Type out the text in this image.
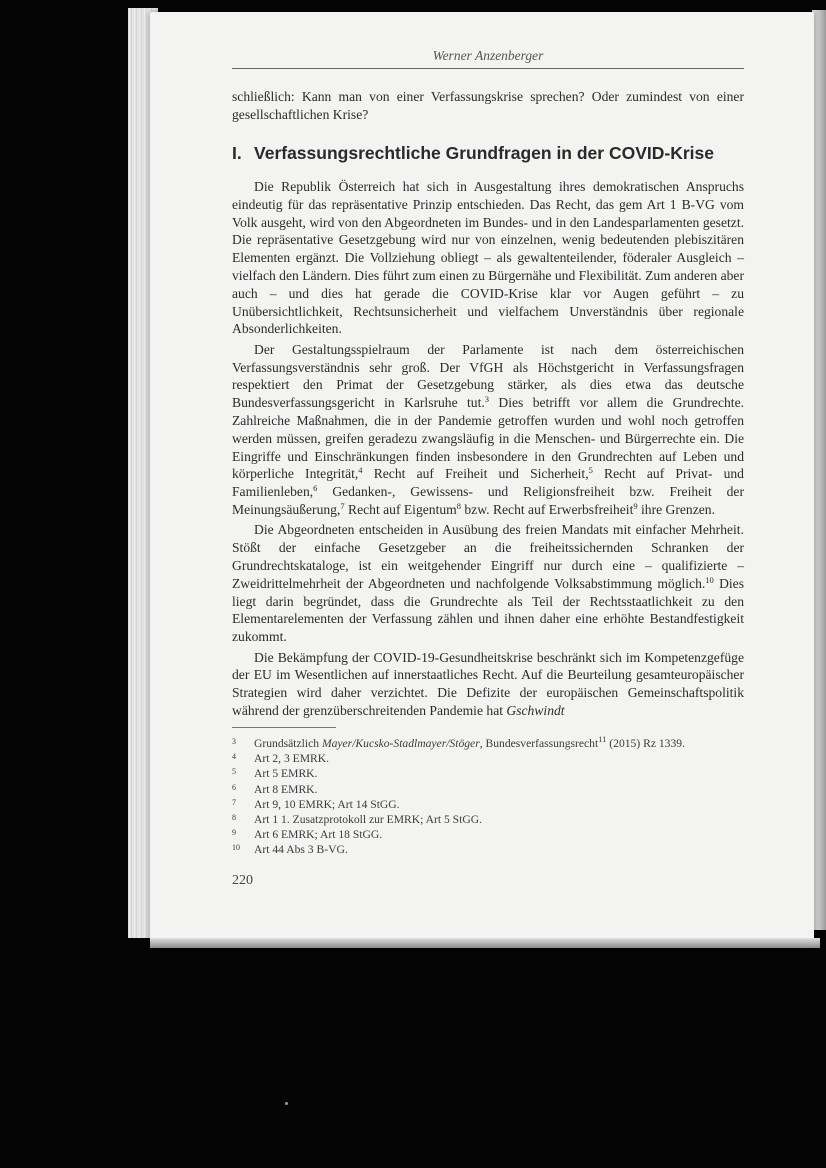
Werner Anzenberger

schließlich: Kann man von einer Verfassungskrise sprechen? Oder zumindest von einer gesellschaftlichen Krise?

I. Verfassungsrechtliche Grundfragen in der COVID-Krise

Die Republik Österreich hat sich in Ausgestaltung ihres demokratischen Anspruchs eindeutig für das repräsentative Prinzip entschieden. Das Recht, das gem Art 1 B-VG vom Volk ausgeht, wird von den Abgeordneten im Bundes- und in den Landesparlamenten gesetzt. Die repräsentative Gesetzgebung wird nur von einzelnen, wenig bedeutenden plebiszitären Elementen ergänzt. Die Vollziehung obliegt – als gewaltenteilender, föderaler Ausgleich – vielfach den Ländern. Dies führt zum einen zu Bürgernähe und Flexibilität. Zum anderen aber auch – und dies hat gerade die COVID-Krise klar vor Augen geführt – zu Unübersichtlichkeit, Rechtsunsicherheit und vielfachem Unverständnis über regionale Absonderlichkeiten.

Der Gestaltungsspielraum der Parlamente ist nach dem österreichischen Verfassungsverständnis sehr groß. Der VfGH als Höchstgericht in Verfassungsfragen respektiert den Primat der Gesetzgebung stärker, als dies etwa das deutsche Bundesverfassungsgericht in Karlsruhe tut.$^3$ Dies betrifft vor allem die Grundrechte. Zahlreiche Maßnahmen, die in der Pandemie getroffen wurden und wohl noch getroffen werden müssen, greifen geradezu zwangsläufig in die Menschen- und Bürgerrechte ein. Die Eingriffe und Einschränkungen finden insbesondere in den Grundrechten auf Leben und körperliche Integrität,$^4$ Recht auf Freiheit und Sicherheit,$^5$ Recht auf Privat- und Familienleben,$^6$ Gedanken-, Gewissens- und Religionsfreiheit bzw. Freiheit der Meinungsäußerung,$^7$ Recht auf Eigentum$^8$ bzw. Recht auf Erwerbsfreiheit$^9$ ihre Grenzen.

Die Abgeordneten entscheiden in Ausübung des freien Mandats mit einfacher Mehrheit. Stößt der einfache Gesetzgeber an die freiheitssichernden Schranken der Grundrechtskataloge, ist ein weitgehender Eingriff nur durch eine – qualifizierte – Zweidrittelmehrheit der Abgeordneten und nachfolgende Volksabstimmung möglich.$^{10}$ Dies liegt darin begründet, dass die Grundrechte als Teil der Rechtsstaatlichkeit zu den Elementarelementen der Verfassung zählen und ihnen daher eine erhöhte Bestandfestigkeit zukommt.

Die Bekämpfung der COVID-19-Gesundheitskrise beschränkt sich im Kompetenzgefüge der EU im Wesentlichen auf innerstaatliches Recht. Auf die Beurteilung gesamteuropäischer Strategien wird daher verzichtet. Die Defizite der europäischen Gemeinschaftspolitik während der grenzüberschreitenden Pandemie hat Gschwindt

3	Grundsätzlich Mayer/Kucsko-Stadlmayer/Stöger, Bundesverfassungsrecht$^{11}$ (2015) Rz 1339.
4	Art 2, 3 EMRK.
5	Art 5 EMRK.
6	Art 8 EMRK.
7	Art 9, 10 EMRK; Art 14 StGG.
8	Art 1 1. Zusatzprotokoll zur EMRK; Art 5 StGG.
9	Art 6 EMRK; Art 18 StGG.
10	Art 44 Abs 3 B-VG.
220
